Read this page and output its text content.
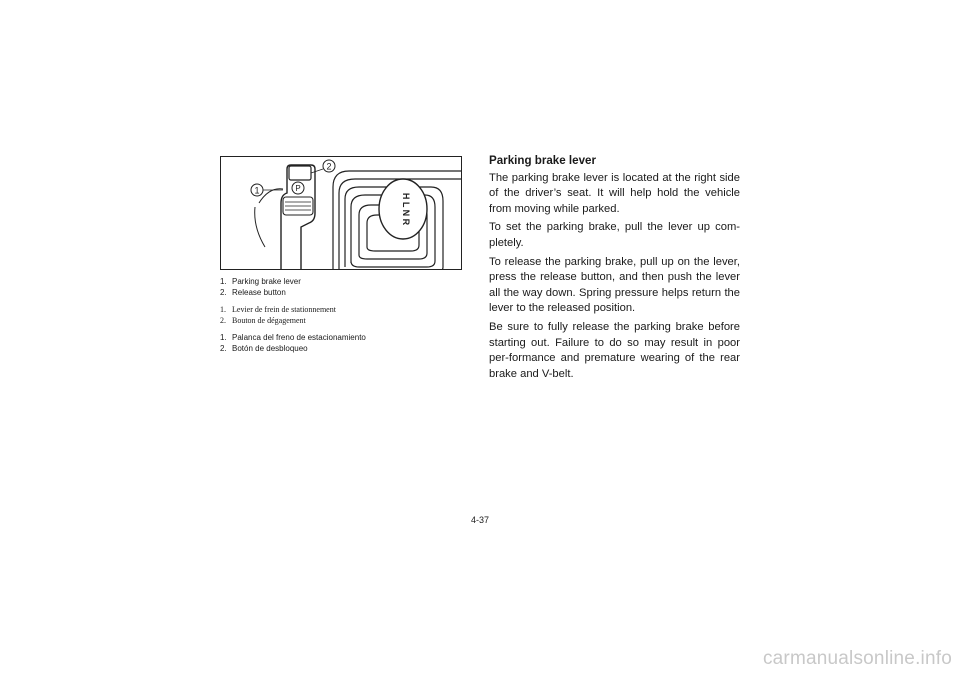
H L N R
P
1
2
1. Parking brake lever
2. Release button
1. Levier de frein de stationnement
2. Bouton de dégagement
1. Palanca del freno de estacionamiento
2. Botón de desbloqueo
Parking brake lever

The parking brake lever is located at the right side of the driver’s seat. It will help hold the vehicle from moving while parked.

To set the parking brake, pull the lever up com-pletely.

To release the parking brake, pull up on the lever, press the release button, and then push the lever all the way down. Spring pressure helps return the lever to the released position.

Be sure to fully release the parking brake before starting out. Failure to do so may result in poor per-formance and premature wearing of the rear brake and V-belt.

4-37
carmanualsonline.info
